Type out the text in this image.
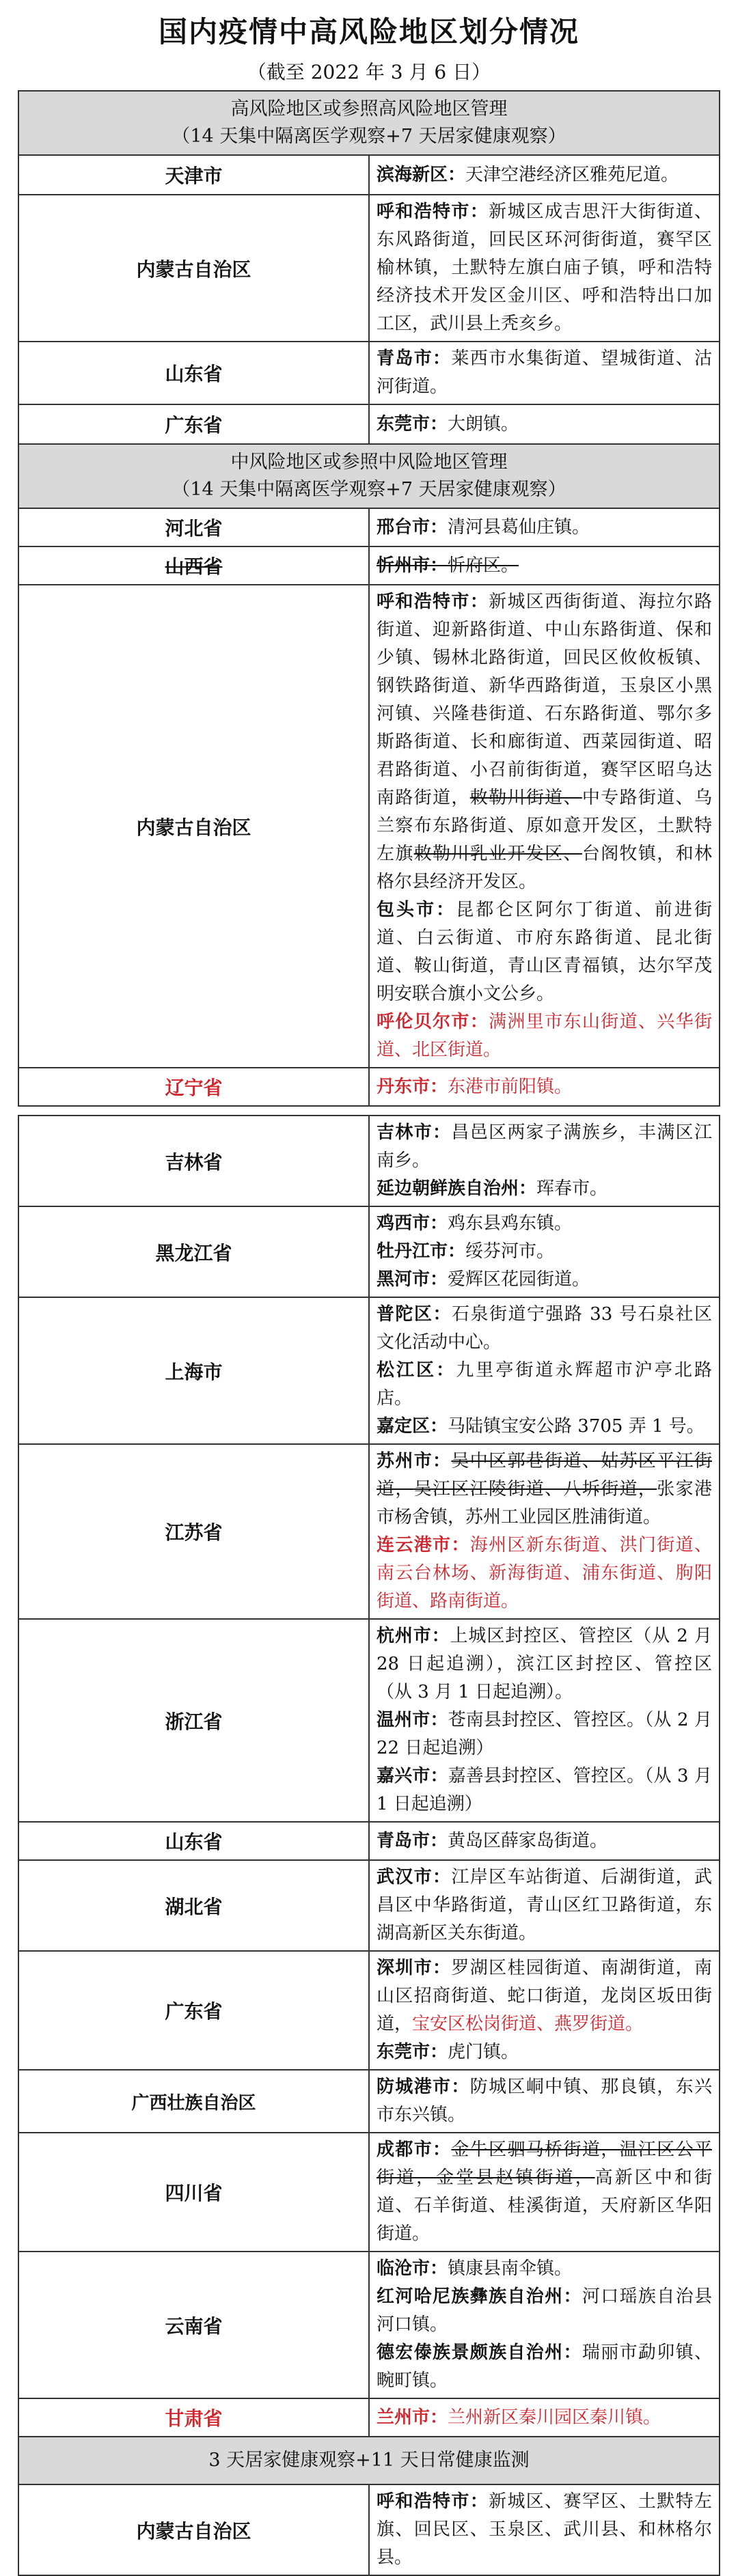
国内疫情中高风险地区划分情况

（截至 2022 年 3 月 6 日）

高风险地区或参照高风险地区管理
（14 天集中隔离医学观察+7 天居家健康观察）	

天津市	滨海新区：天津空港经济区雅苑尼道。
内蒙古自治区	呼和浩特市：新城区成吉思汗大街街道、东风路街道，回民区环河街街道，赛罕区榆林镇，土默特左旗白庙子镇，呼和浩特经济技术开发区金川区、呼和浩特出口加工区，武川县上秃亥乡。
山东省	青岛市：莱西市水集街道、望城街道、沽河街道。
广东省	东莞市：大朗镇。

中风险地区或参照中风险地区管理
（14 天集中隔离医学观察+7 天居家健康观察）	

河北省	邢台市：清河县葛仙庄镇。
山西省	忻州市：忻府区。
内蒙古自治区	呼和浩特市：新城区西街街道、海拉尔路街道、迎新路街道、中山东路街道、保和少镇、锡林北路街道，回民区攸攸板镇、钢铁路街道、新华西路街道，玉泉区小黑河镇、兴隆巷街道、石东路街道、鄂尔多斯路街道、长和廊街道、西菜园街道、昭君路街道、小召前街街道，赛罕区昭乌达南路街道，敕勒川街道、中专路街道、乌兰察布东路街道、原如意开发区，土默特左旗敕勒川乳业开发区、台阁牧镇，和林格尔县经济开发区。
包头市：昆都仑区阿尔丁街道、前进街道、白云街道、市府东路街道、昆北街道、鞍山街道，青山区青福镇，达尔罕茂明安联合旗小文公乡。
呼伦贝尔市：满洲里市东山街道、兴华街道、北区街道。
辽宁省	丹东市：东港市前阳镇。

吉林省	吉林市：昌邑区两家子满族乡，丰满区江南乡。
延边朝鲜族自治州：珲春市。
黑龙江省	鸡西市：鸡东县鸡东镇。
牡丹江市：绥芬河市。
黑河市：爱辉区花园街道。
上海市	普陀区：石泉街道宁强路 33 号石泉社区文化活动中心。
松江区：九里亭街道永辉超市沪亭北路店。
嘉定区：马陆镇宝安公路 3705 弄 1 号。
江苏省	苏州市：吴中区郭巷街道、姑苏区平江街道，吴江区江陵街道、八坼街道，张家港市杨舍镇，苏州工业园区胜浦街道。
连云港市：海州区新东街道、洪门街道、南云台林场、新海街道、浦东街道、朐阳街道、路南街道。
浙江省	杭州市：上城区封控区、管控区（从 2 月 28 日起追溯），滨江区封控区、管控区（从 3 月 1 日起追溯）。
温州市：苍南县封控区、管控区。（从 2 月 22 日起追溯）
嘉兴市：嘉善县封控区、管控区。（从 3 月 1 日起追溯）
山东省	青岛市：黄岛区薛家岛街道。
湖北省	武汉市：江岸区车站街道、后湖街道，武昌区中华路街道，青山区红卫路街道，东湖高新区关东街道。
广东省	深圳市：罗湖区桂园街道、南湖街道，南山区招商街道、蛇口街道，龙岗区坂田街道，宝安区松岗街道、燕罗街道。
东莞市：虎门镇。
广西壮族自治区	防城港市：防城区峒中镇、那良镇，东兴市东兴镇。
四川省	成都市：金牛区驷马桥街道，温江区公平街道，金堂县赵镇街道，高新区中和街道、石羊街道、桂溪街道，天府新区华阳街道。
云南省	临沧市：镇康县南伞镇。
红河哈尼族彝族自治州：河口瑶族自治县河口镇。
德宏傣族景颇族自治州：瑞丽市勐卯镇、畹町镇。
甘肃省	兰州市：兰州新区秦川园区秦川镇。

3 天居家健康观察+11 天日常健康监测	

内蒙古自治区	呼和浩特市：新城区、赛罕区、土默特左旗、回民区、玉泉区、武川县、和林格尔县。
